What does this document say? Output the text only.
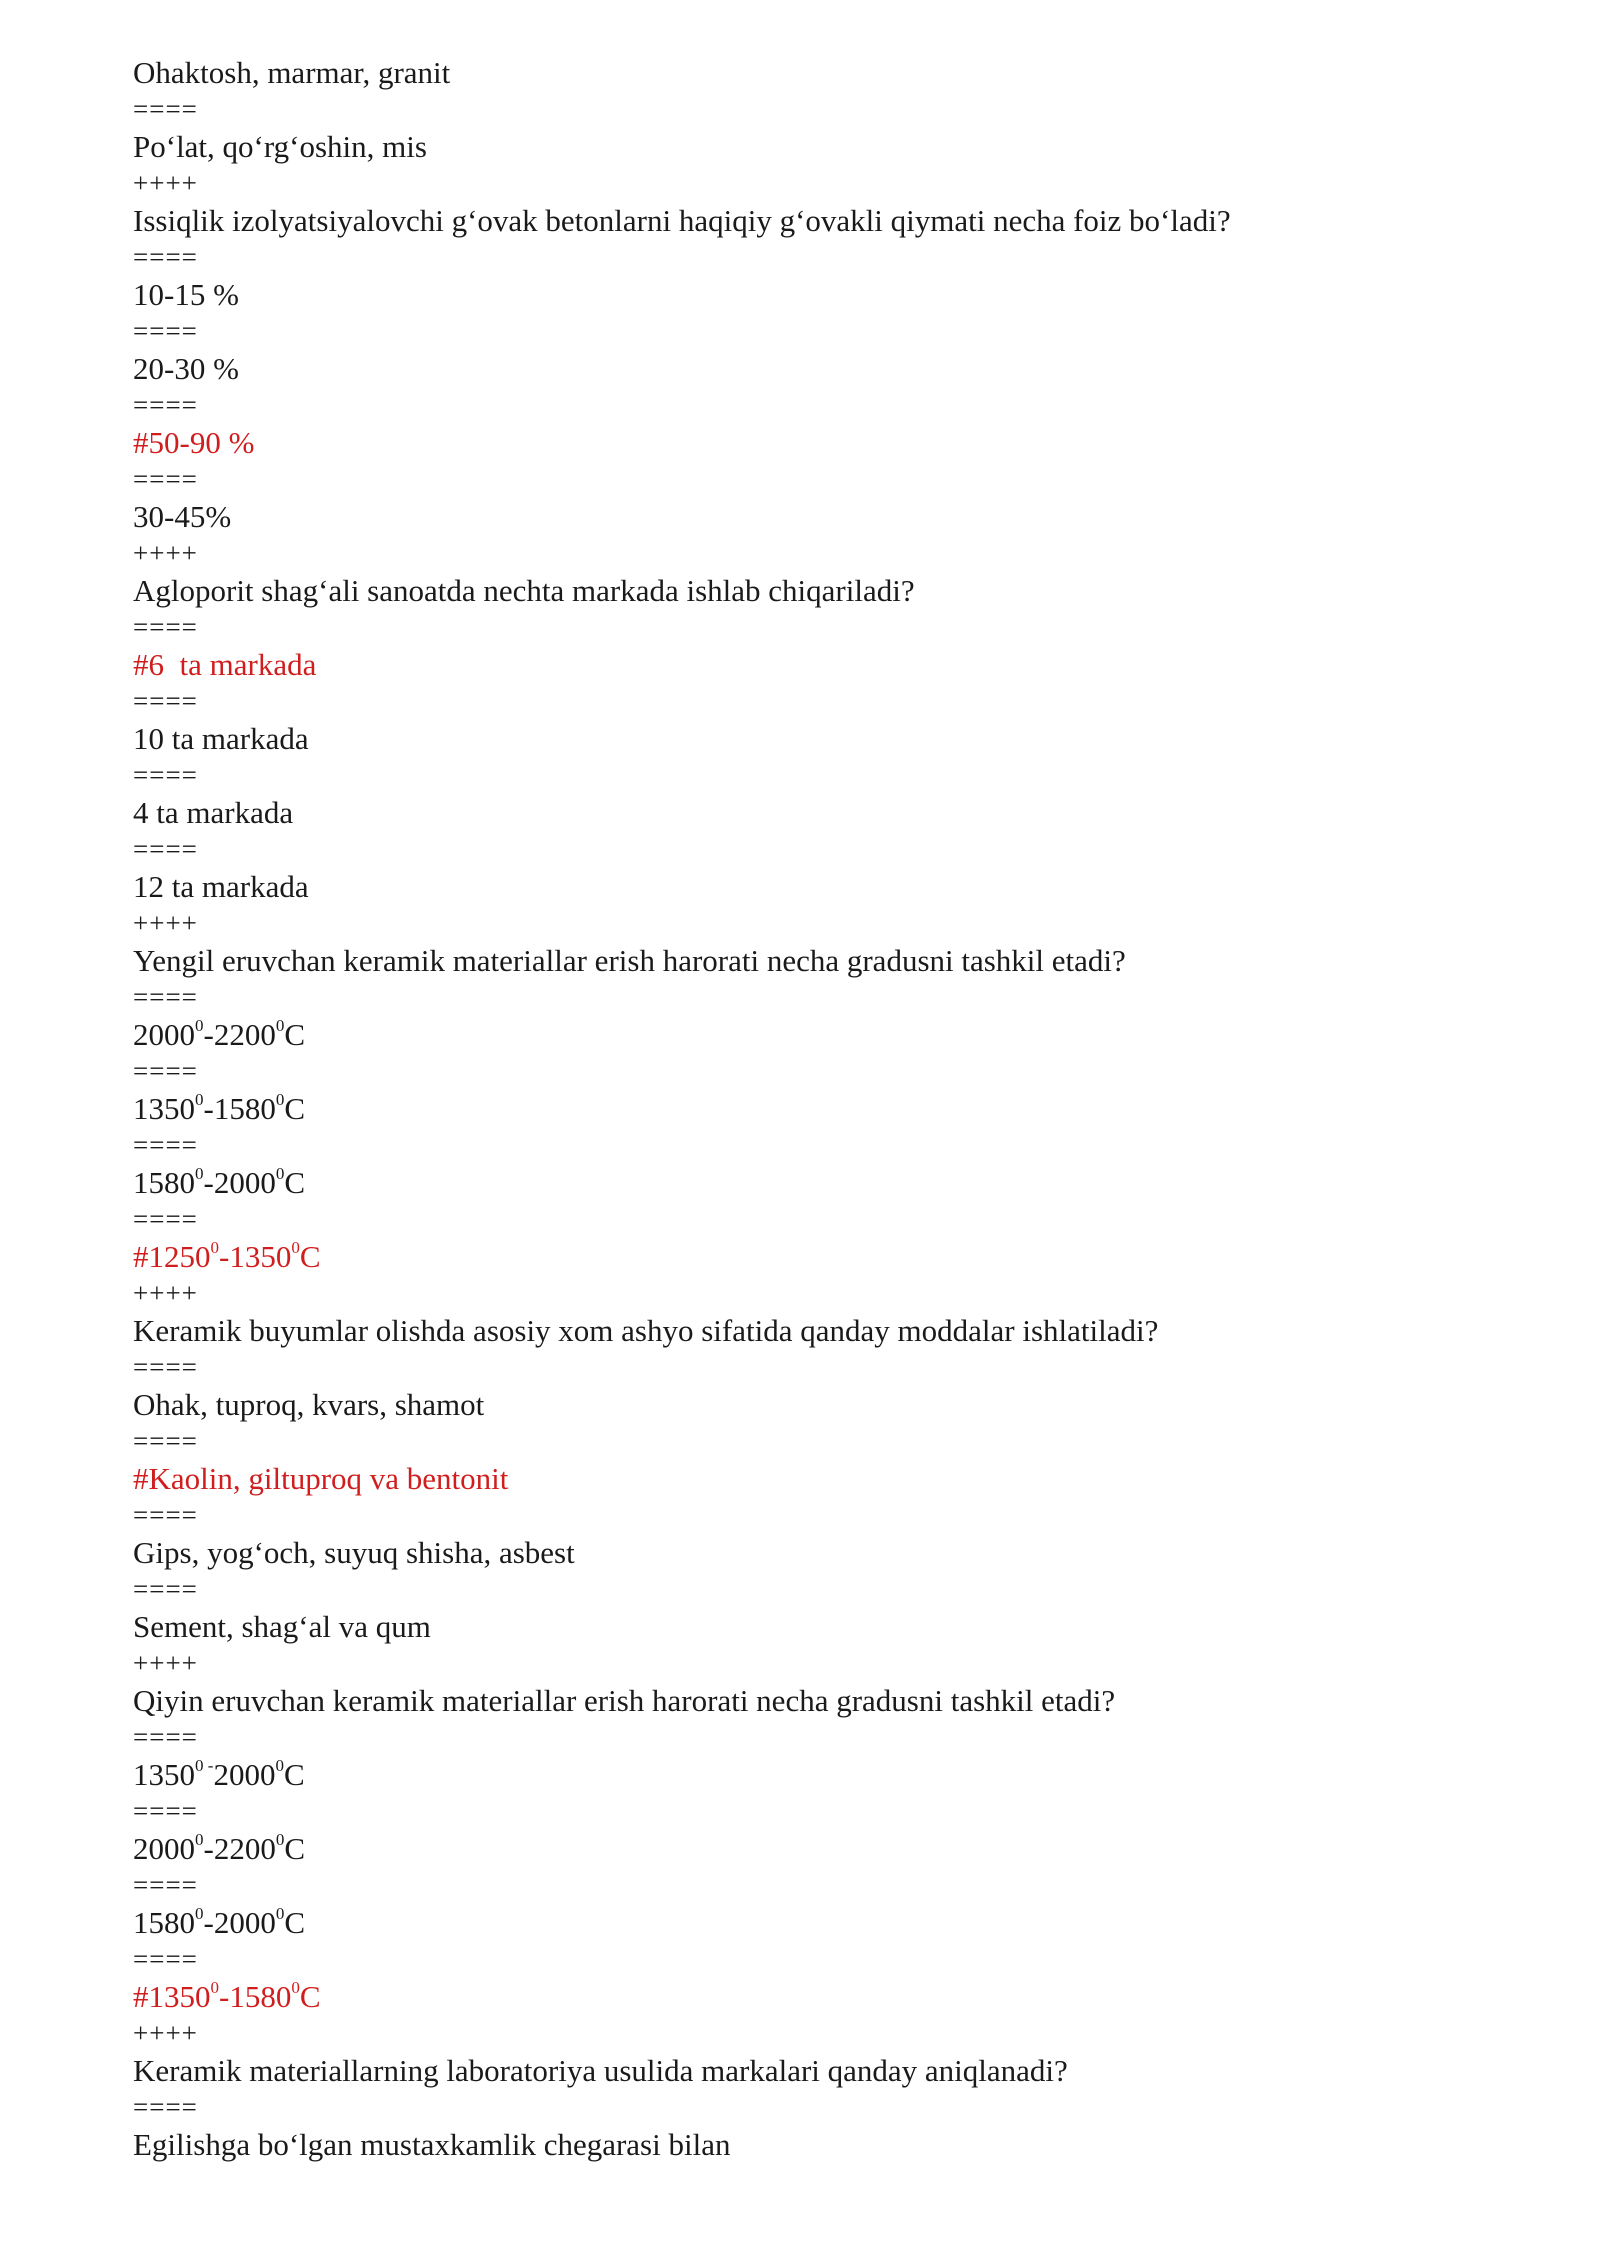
Ohaktosh, marmar, granit
====
Po‘lat, qo‘rg‘oshin, mis
++++
Issiqlik izolyatsiyalovchi g‘ovak betonlarni haqiqiy g‘ovakli qiymati necha foiz bo‘ladi?
====
10-15 %
====
20-30 %
====
#50-90 %
====
30-45%
++++
Agloporit shag‘ali sanoatda nechta markada ishlab chiqariladi?
====
#6  ta markada
====
10 ta markada
====
4 ta markada
====
12 ta markada
++++
Yengil eruvchan keramik materiallar erish harorati necha gradusni tashkil etadi?
====
$2000^0-2200^0C$
====
$1350^0-1580^0C$
====
$1580^0-2000^0C$
====
$\#1250^0-1350^0C$
++++
Keramik buyumlar olishda asosiy xom ashyo sifatida qanday moddalar ishlatiladi?
====
Ohak, tuproq, kvars, shamot
====
#Kaolin, giltuproq va bentonit
====
Gips, yog‘och, suyuq shisha, asbest
====
Sement, shag‘al va qum
++++
Qiyin eruvchan keramik materiallar erish harorati necha gradusni tashkil etadi?
====
$1350^{0 -}2000^0C$
====
$2000^0-2200^0C$
====
$1580^0-2000^0C$
====
$\#1350^0-1580^0C$
++++
Keramik materiallarning laboratoriya usulida markalari qanday aniqlanadi?
====
Egilishga bo‘lgan mustaxkamlik chegarasi bilan
